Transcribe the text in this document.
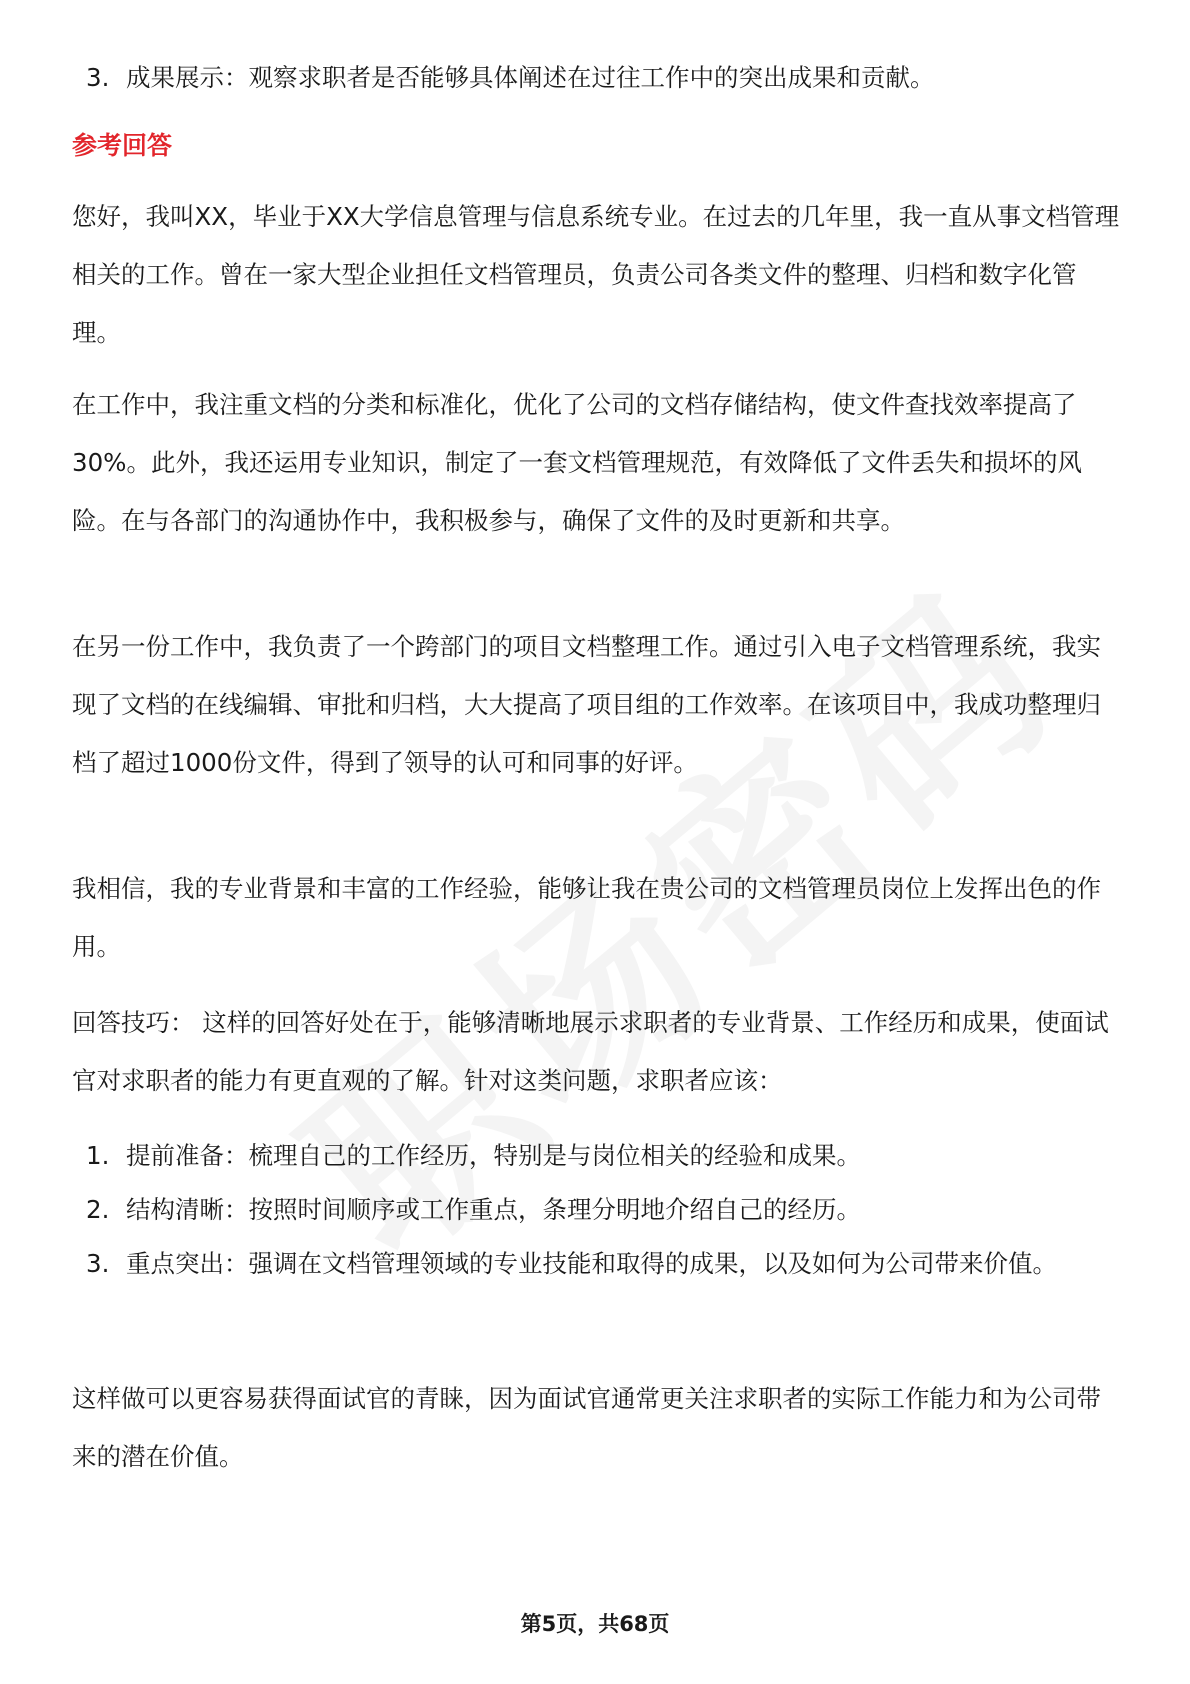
3. 成果展示：观察求职者是否能够具体阐述在过往工作中的突出成果和贡献。
参考回答
您好，我叫XX，毕业于XX大学信息管理与信息系统专业。在过去的几年里，我一直从事文档管理相关的工作。曾在一家大型企业担任文档管理员，负责公司各类文件的整理、归档和数字化管理。
在工作中，我注重文档的分类和标准化，优化了公司的文档存储结构，使文件查找效率提高了30%。此外，我还运用专业知识，制定了一套文档管理规范，有效降低了文件丢失和损坏的风险。在与各部门的沟通协作中，我积极参与，确保了文件的及时更新和共享。
在另一份工作中，我负责了一个跨部门的项目文档整理工作。通过引入电子文档管理系统，我实现了文档的在线编辑、审批和归档，大大提高了项目组的工作效率。在该项目中，我成功整理归档了超过1000份文件，得到了领导的认可和同事的好评。
我相信，我的专业背景和丰富的工作经验，能够让我在贵公司的文档管理员岗位上发挥出色的作用。
回答技巧： 这样的回答好处在于，能够清晰地展示求职者的专业背景、工作经历和成果，使面试官对求职者的能力有更直观的了解。针对这类问题，求职者应该：
1. 提前准备：梳理自己的工作经历，特别是与岗位相关的经验和成果。
2. 结构清晰：按照时间顺序或工作重点，条理分明地介绍自己的经历。
3. 重点突出：强调在文档管理领域的专业技能和取得的成果，以及如何为公司带来价值。
这样做可以更容易获得面试官的青睐，因为面试官通常更关注求职者的实际工作能力和为公司带来的潜在价值。
第5页，共68页
